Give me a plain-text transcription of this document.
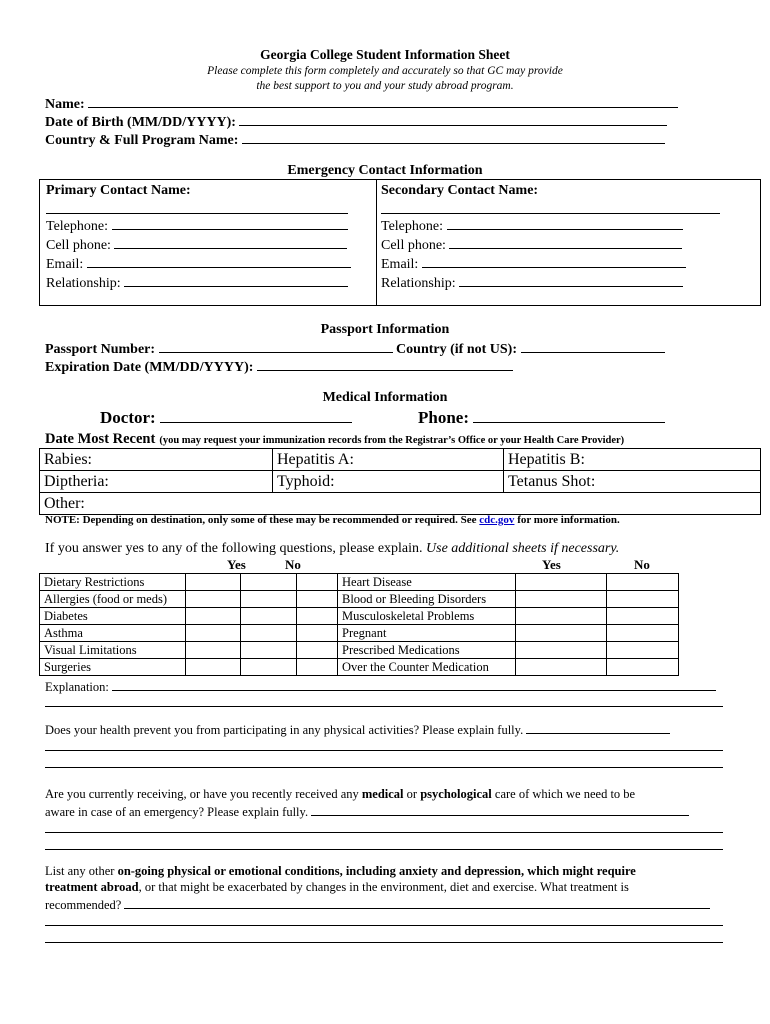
Georgia College Student Information Sheet
Please complete this form completely and accurately so that GC may provide
the best support to you and your study abroad program.
Name:
Date of Birth (MM/DD/YYYY):
Country & Full Program Name:
Emergency Contact Information
Primary Contact Name:	Secondary Contact Name:
Telephone:
Cell phone:
Email:
Relationship:
Telephone:
Cell phone:
Email:
Relationship:
Passport Information
Passport Number:	Country (if not US):
Expiration Date (MM/DD/YYYY):
Medical Information
Doctor:	Phone:
Date Most Recent (you may request your immunization records from the Registrar’s Office or your Health Care Provider)
Rabies:	Hepatitis A:	Hepatitis B:
Diptheria:	Typhoid:	Tetanus Shot:
Other:		
NOTE: Depending on destination, only some of these may be recommended or required. See cdc.gov for more information.
If you answer yes to any of the following questions, please explain. Use additional sheets if necessary.
Yes	No	Yes	No
Dietary Restrictions				Heart Disease		
Allergies (food or meds)				Blood or Bleeding Disorders		
Diabetes				Musculoskeletal Problems		
Asthma				Pregnant		
Visual Limitations				Prescribed Medications		
Surgeries				Over the Counter Medication		
Explanation:
Does your health prevent you from participating in any physical activities? Please explain fully.
Are you currently receiving, or have you recently received any medical or psychological care of which we need to be
aware in case of an emergency? Please explain fully.
List any other on-going physical or emotional conditions, including anxiety and depression, which might require
treatment abroad, or that might be exacerbated by changes in the environment, diet and exercise. What treatment is
recommended?
